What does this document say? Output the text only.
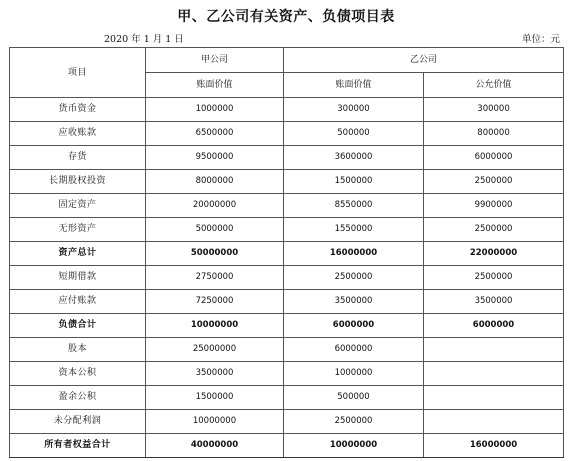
甲、乙公司有关资产、负债项目表
2020 年 1 月 1 日	单位：元
项目	甲公司	乙公司	
	账面价值	账面价值	公允价值
货币资金	1000000	300000	300000
应收账款	6500000	500000	800000
存货	9500000	3600000	6000000
长期股权投资	8000000	1500000	2500000
固定资产	20000000	8550000	9900000
无形资产	5000000	1550000	2500000
资产总计	50000000	16000000	22000000
短期借款	2750000	2500000	2500000
应付账款	7250000	3500000	3500000
负债合计	10000000	6000000	6000000
股本	25000000	6000000	
资本公积	3500000	1000000	
盈余公积	1500000	500000	
未分配利润	10000000	2500000	
所有者权益合计	40000000	10000000	16000000
